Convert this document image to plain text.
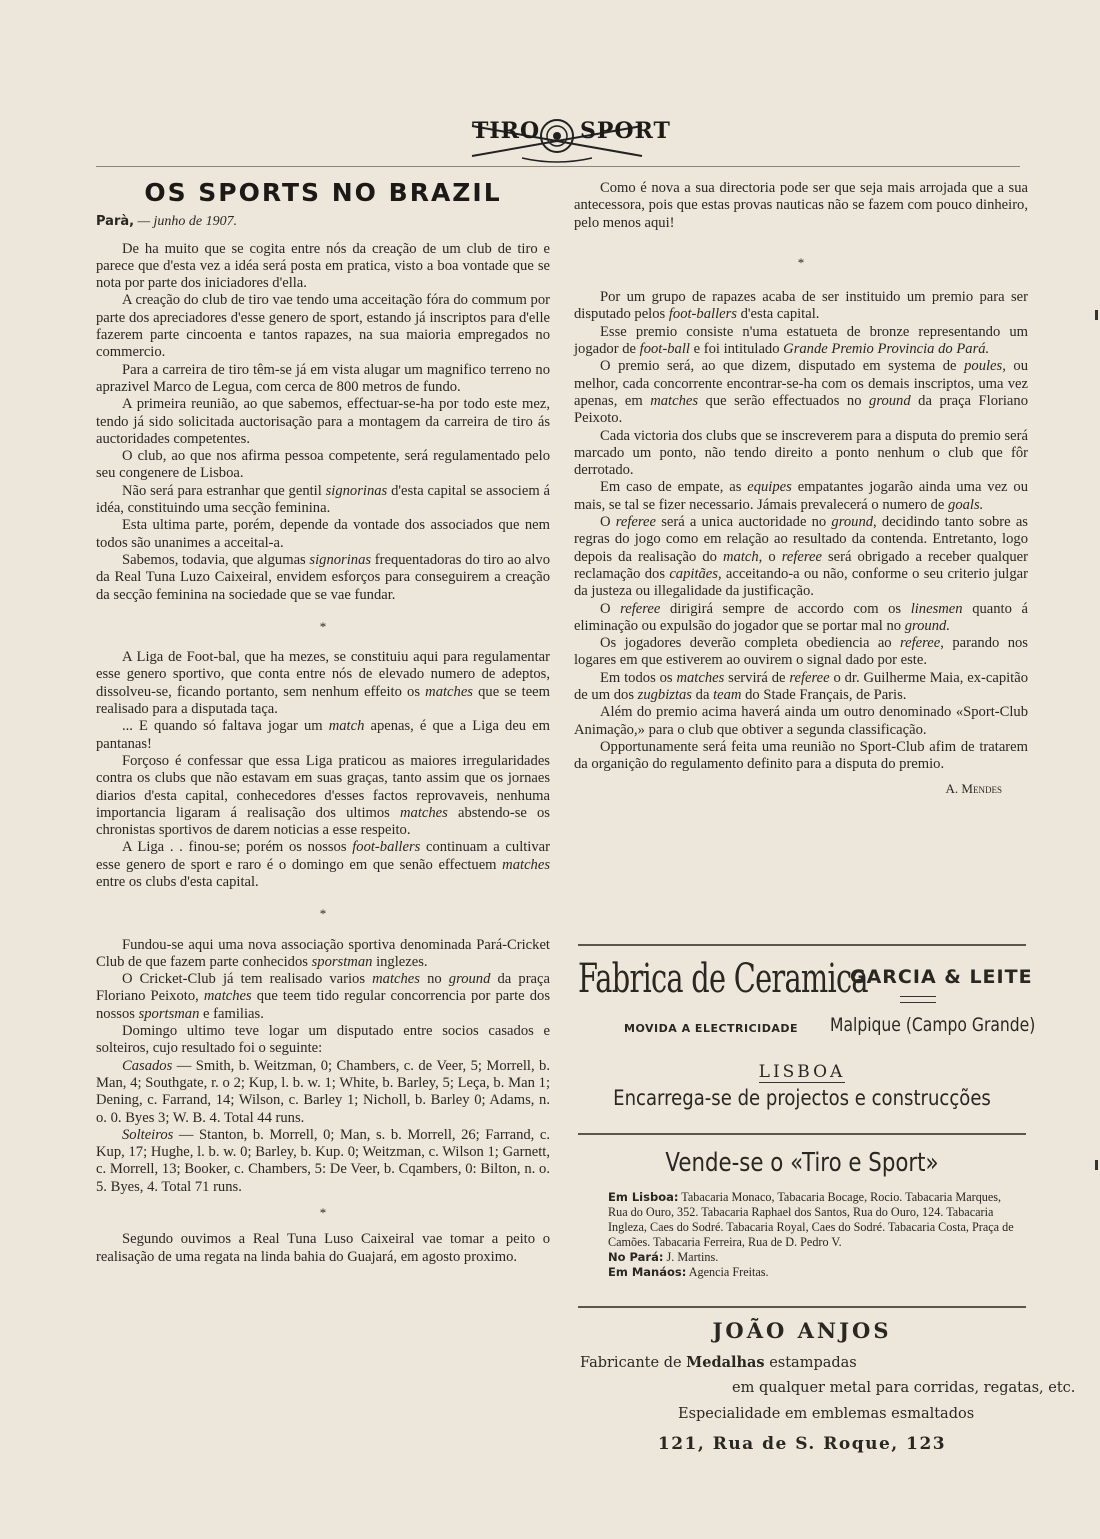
TIRO SPORT
OS SPORTS NO BRAZIL
Parà, — junho de 1907.

De ha muito que se cogita entre nós da creação de um club de tiro e parece que d'esta vez a idéa será posta em pratica, visto a boa vontade que se nota por parte dos iniciadores d'ella.

A creação do club de tiro vae tendo uma acceitação fóra do commum por parte dos apreciadores d'esse genero de sport, estando já inscriptos para d'elle fazerem parte cincoenta e tantos rapazes, na sua maioria empregados no commercio.

Para a carreira de tiro têm-se já em vista alugar um magnifico terreno no aprazivel Marco de Legua, com cerca de 800 metros de fundo.

A primeira reunião, ao que sabemos, effectuar-se-ha por todo este mez, tendo já sido solicitada auctorisação para a montagem da carreira de tiro ás auctoridades competentes.

O club, ao que nos afirma pessoa competente, será regulamentado pelo seu congenere de Lisboa.

Não será para estranhar que gentil signorinas d'esta capital se associem á idéa, constituindo uma secção feminina.

Esta ultima parte, porém, depende da vontade dos associados que nem todos são unanimes a acceital-a.

Sabemos, todavia, que algumas signorinas frequentadoras do tiro ao alvo da Real Tuna Luzo Caixeiral, envidem esforços para conseguirem a creação da secção feminina na sociedade que se vae fundar.

*

A Liga de Foot-bal, que ha mezes, se constituiu aqui para regulamentar esse genero sportivo, que conta entre nós de elevado numero de adeptos, dissolveu-se, ficando portanto, sem nenhum effeito os matches que se teem realisado para a disputada taça.

... E quando só faltava jogar um match apenas, é que a Liga deu em pantanas!

Forçoso é confessar que essa Liga praticou as maiores irregularidades contra os clubs que não estavam em suas graças, tanto assim que os jornaes diarios d'esta capital, conhecedores d'esses factos reprovaveis, nenhuma importancia ligaram á realisação dos ultimos matches abstendo-se os chronistas sportivos de darem noticias a esse respeito.

A Liga . . finou-se; porém os nossos foot-ballers continuam a cultivar esse genero de sport e raro é o domingo em que senão effectuem matches entre os clubs d'esta capital.

*

Fundou-se aqui uma nova associação sportiva denominada Pará-Cricket Club de que fazem parte conhecidos sporstman inglezes.

O Cricket-Club já tem realisado varios matches no ground da praça Floriano Peixoto, matches que teem tido regular concorrencia por parte dos nossos sportsman e familias.

Domingo ultimo teve logar um disputado entre socios casados e solteiros, cujo resultado foi o seguinte:

Casados — Smith, b. Weitzman, 0; Chambers, c. de Veer, 5; Morrell, b. Man, 4; Southgate, r. o 2; Kup, l. b. w. 1; White, b. Barley, 5; Leça, b. Man 1; Dening, c. Farrand, 14; Wilson, c. Barley 1; Nicholl, b. Barley 0; Adams, n. o. 0. Byes 3; W. B. 4. Total 44 runs.

Solteiros — Stanton, b. Morrell, 0; Man, s. b. Morrell, 26; Farrand, c. Kup, 17; Hughe, l. b. w. 0; Barley, b. Kup. 0; Weitzman, c. Wilson 1; Garnett, c. Morrell, 13; Booker, c. Chambers, 5: De Veer, b. Cqambers, 0: Bilton, n. o. 5. Byes, 4. Total 71 runs.

*

Segundo ouvimos a Real Tuna Luso Caixeiral vae tomar a peito o realisação de uma regata na linda bahia do Guajará, em agosto proximo.

Como é nova a sua directoria pode ser que seja mais arrojada que a sua antecessora, pois que estas provas nauticas não se fazem com pouco dinheiro, pelo menos aqui!

*

Por um grupo de rapazes acaba de ser instituido um premio para ser disputado pelos foot-ballers d'esta capital.

Esse premio consiste n'uma estatueta de bronze representando um jogador de foot-ball e foi intitulado Grande Premio Provincia do Pará.

O premio será, ao que dizem, disputado em systema de poules, ou melhor, cada concorrente encontrar-se-ha com os demais inscriptos, uma vez apenas, em matches que serão effectuados no ground da praça Floriano Peixoto.

Cada victoria dos clubs que se inscreverem para a disputa do premio será marcado um ponto, não tendo direito a ponto nenhum o club que fôr derrotado.

Em caso de empate, as equipes empatantes jogarão ainda uma vez ou mais, se tal se fizer necessario. Jámais prevalecerá o numero de goals.

O referee será a unica auctoridade no ground, decidindo tanto sobre as regras do jogo como em relação ao resultado da contenda. Entretanto, logo depois da realisação do match, o referee será obrigado a receber qualquer reclamação dos capitães, acceitando-a ou não, conforme o seu criterio julgar da justeza ou illegalidade da justificação.

O referee dirigirá sempre de accordo com os linesmen quanto á eliminação ou expulsão do jogador que se portar mal no ground.

Os jogadores deverão completa obediencia ao referee, parando nos logares em que estiverem ao ouvirem o signal dado por este.

Em todos os matches servirá de referee o dr. Guilherme Maia, ex-capitão de um dos zugbiztas da team do Stade Français, de Paris.

Além do premio acima haverá ainda um outro denominado «Sport-Club Animação,» para o club que obtiver a segunda classificação.

Opportunamente será feita uma reunião no Sport-Club afim de tratarem da organição do regulamento definito para a disputa do premio.

A. Mendes
Fabrica de Ceramica
MOVIDA A ELECTRICIDADE
GARCIA & LEITE
Malpique (Campo Grande)
LISBOA
Encarrega-se de projectos e construcções
Vende-se o «Tiro e Sport»
Em Lisboa: Tabacaria Monaco, Tabacaria Bocage, Rocio. Tabacaria Marques, Rua do Ouro, 352. Tabacaria Raphael dos Santos, Rua do Ouro, 124. Tabacaria Ingleza, Caes do Sodré. Tabacaria Royal, Caes do Sodré. Tabacaria Costa, Praça de Camões. Tabacaria Ferreira, Rua de D. Pedro V.
No Pará: J. Martins.
Em Manáos: Agencia Freitas.
JOÃO ANJOS
Fabricante de Medalhas estampadas
em qualquer metal para corridas, regatas, etc.
Especialidade em emblemas esmaltados
121, Rua de S. Roque, 123
